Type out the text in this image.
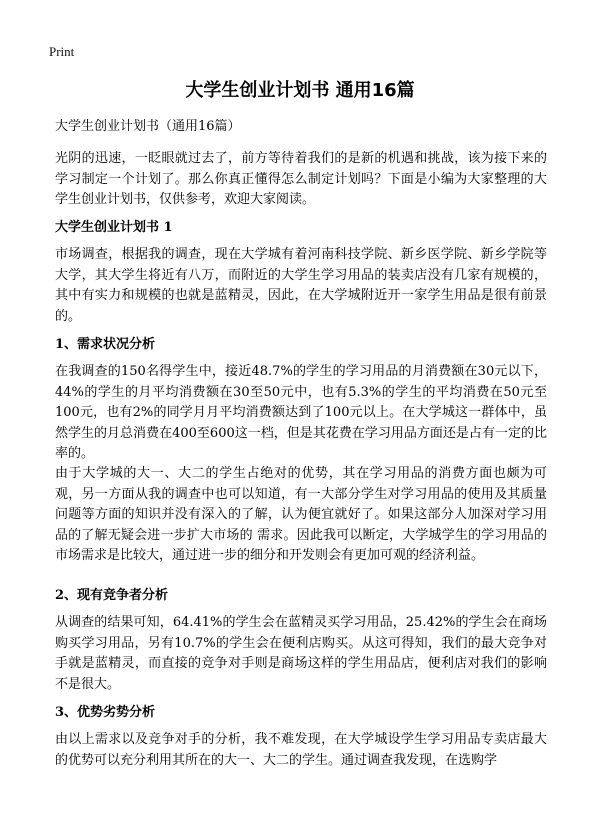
Print
大学生创业计划书 通用16篇
大学生创业计划书（通用16篇）

光阴的迅速，一眨眼就过去了，前方等待着我们的是新的机遇和挑战，该为接下来的学习制定一个计划了。那么你真正懂得怎么制定计划吗？下面是小编为大家整理的大学生创业计划书，仅供参考，欢迎大家阅读。

大学生创业计划书 1

市场调查，根据我的调查，现在大学城有着河南科技学院、新乡医学院、新乡学院等大学，其大学生将近有八万，而附近的大学生学习用品的装卖店没有几家有规模的，其中有实力和规模的也就是蓝精灵，因此，在大学城附近开一家学生用品是很有前景的。

1、需求状况分析

在我调查的150名得学生中，接近48.7%的学生的学习用品的月消费额在30元以下，44%的学生的月平均消费额在30至50元中，也有5.3%的学生的平均消费在50元至100元，也有2%的同学月月平均消费额达到了100元以上。在大学城这一群体中，虽然学生的月总消费在400至600这一档，但是其花费在学习用品方面还是占有一定的比率的。

由于大学城的大一、大二的学生占绝对的优势，其在学习用品的消费方面也颇为可观，另一方面从我的调查中也可以知道，有一大部分学生对学习用品的使用及其质量问题等方面的知识并没有深入的了解，认为便宜就好了。如果这部分人加深对学习用品的了解无疑会进一步扩大市场的 需求。因此我可以断定，大学城学生的学习用品的市场需求是比较大，通过进一步的细分和开发则会有更加可观的经济利益。

2、现有竞争者分析

从调查的结果可知，64.41%的学生会在蓝精灵买学习用品，25.42%的学生会在商场购买学习用品，另有10.7%的学生会在便利店购买。从这可得知，我们的最大竞争对手就是蓝精灵，而直接的竞争对手则是商场这样的学生用品店，便利店对我们的影响不是很大。

3、优势劣势分析

由以上需求以及竞争对手的分析，我不难发现，在大学城设学生学习用品专卖店最大的优势可以充分利用其所在的大一、大二的学生。通过调查我发现，在选购学
